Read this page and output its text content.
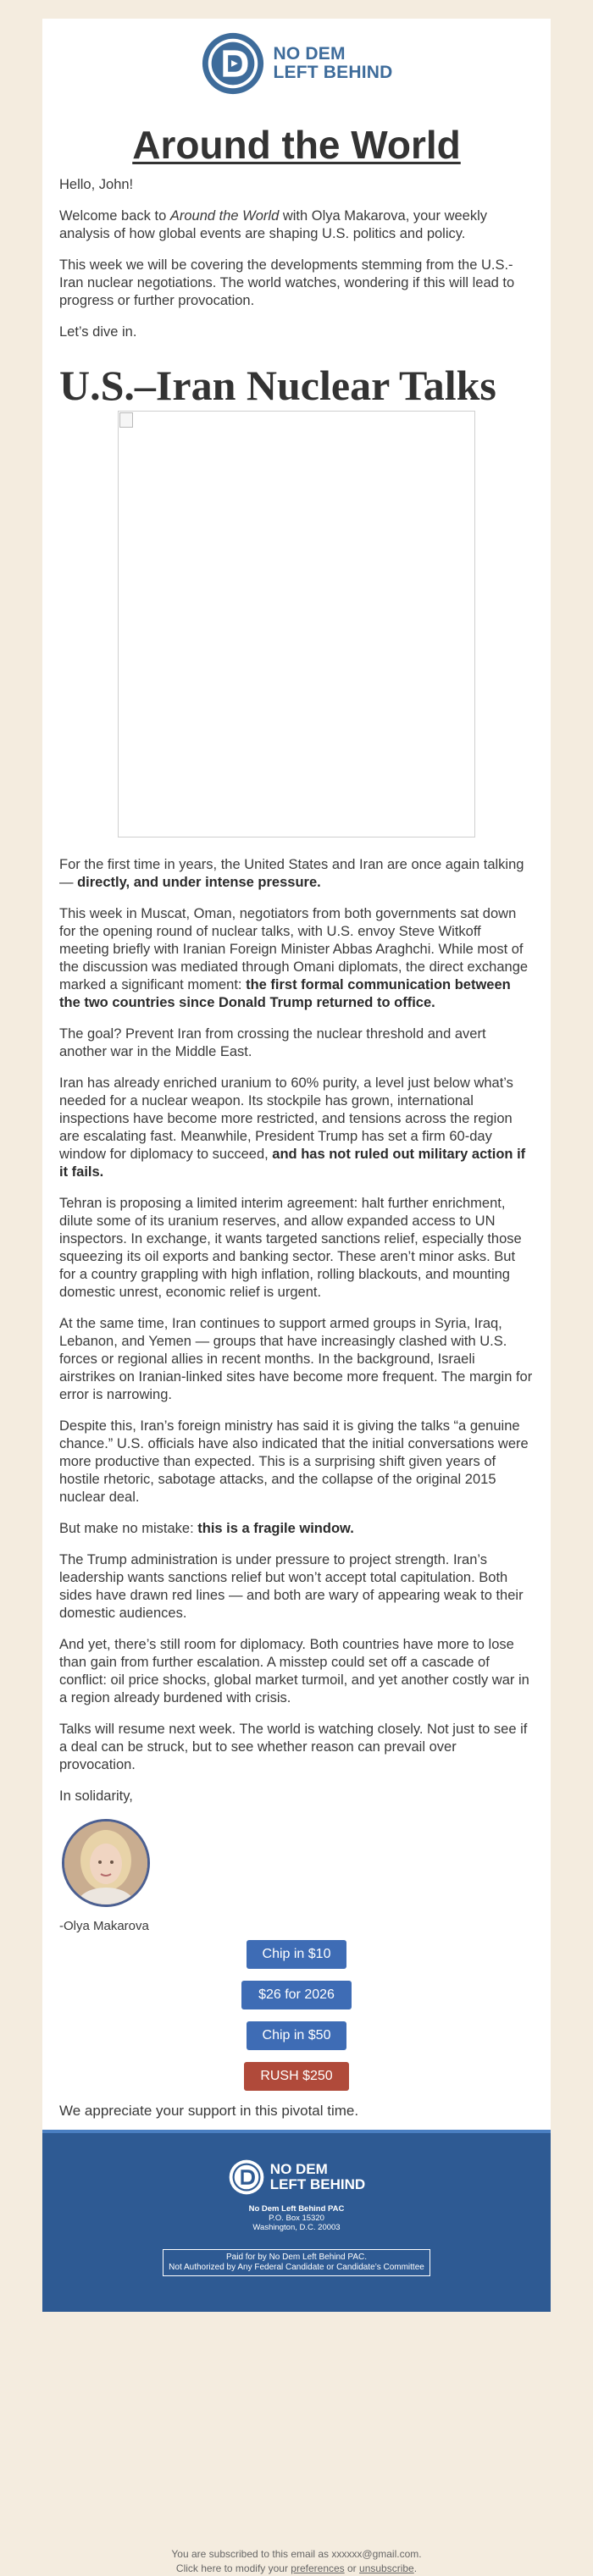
NO DEM
LEFT BEHIND
Around the World

Hello, John!

Welcome back to Around the World with Olya Makarova, your weekly analysis of how global events are shaping U.S. politics and policy.

This week we will be covering the developments stemming from the U.S.-Iran nuclear negotiations. The world watches, wondering if this will lead to progress or further provocation.

Let’s dive in.

U.S.–Iran Nuclear Talks

For the first time in years, the United States and Iran are once again talking — directly, and under intense pressure.

This week in Muscat, Oman, negotiators from both governments sat down for the opening round of nuclear talks, with U.S. envoy Steve Witkoff meeting briefly with Iranian Foreign Minister Abbas Araghchi. While most of the discussion was mediated through Omani diplomats, the direct exchange marked a significant moment: the first formal communication between the two countries since Donald Trump returned to office.

The goal? Prevent Iran from crossing the nuclear threshold and avert another war in the Middle East.

Iran has already enriched uranium to 60% purity, a level just below what’s needed for a nuclear weapon. Its stockpile has grown, international inspections have become more restricted, and tensions across the region are escalating fast. Meanwhile, President Trump has set a firm 60-day window for diplomacy to succeed, and has not ruled out military action if it fails.

Tehran is proposing a limited interim agreement: halt further enrichment, dilute some of its uranium reserves, and allow expanded access to UN inspectors. In exchange, it wants targeted sanctions relief, especially those squeezing its oil exports and banking sector. These aren’t minor asks. But for a country grappling with high inflation, rolling blackouts, and mounting domestic unrest, economic relief is urgent.

At the same time, Iran continues to support armed groups in Syria, Iraq, Lebanon, and Yemen — groups that have increasingly clashed with U.S. forces or regional allies in recent months. In the background, Israeli airstrikes on Iranian-linked sites have become more frequent. The margin for error is narrowing.

Despite this, Iran’s foreign ministry has said it is giving the talks “a genuine chance.” U.S. officials have also indicated that the initial conversations were more productive than expected. This is a surprising shift given years of hostile rhetoric, sabotage attacks, and the collapse of the original 2015 nuclear deal.

But make no mistake: this is a fragile window.

The Trump administration is under pressure to project strength. Iran’s leadership wants sanctions relief but won’t accept total capitulation. Both sides have drawn red lines — and both are wary of appearing weak to their domestic audiences.

And yet, there’s still room for diplomacy. Both countries have more to lose than gain from further escalation. A misstep could set off a cascade of conflict: oil price shocks, global market turmoil, and yet another costly war in a region already burdened with crisis.

Talks will resume next week. The world is watching closely. Not just to see if a deal can be struck, but to see whether reason can prevail over provocation.

In solidarity,

-Olya Makarova
Chip in $10
$26 for 2026
Chip in $50
RUSH $250
We appreciate your support in this pivotal time.
NO DEM
LEFT BEHIND
No Dem Left Behind PAC
P.O. Box 15320
Washington, D.C. 20003
Paid for by No Dem Left Behind PAC.
Not Authorized by Any Federal Candidate or Candidate’s Committee
You are subscribed to this email as xxxxxx@gmail.com.
Click here to modify your preferences or unsubscribe.
